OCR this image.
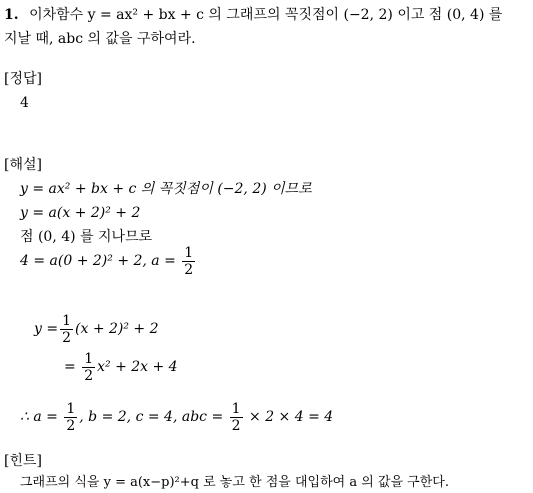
1. 이차함수 y = ax² + bx + c 의 그래프의 꼭짓점이 (−2, 2) 이고 점 (0, 4) 를
지날 때, abc 의 값을 구하여라.
[정답]
4
[해설]
y = ax² + bx + c 의 꼭짓점이 (−2, 2) 이므로
y = a(x + 2)² + 2
점 (0, 4) 를 지나므로
4 = a(0 + 2)² + 2, $a = \frac{1}{2}$
$y = \frac{1}{2} (x + 2)^2 + 2$
= $\frac{1}{2} x^2 + 2x + 4$
∴ $a = \frac{1}{2}$ , b = 2, c = 4, abc = $\frac{1}{2} \times 2 \times 4 = 4$
[힌트]
그래프의 식을 y = a(x−p)²+q 로 놓고 한 점을 대입하여 a 의 값을 구한다.
